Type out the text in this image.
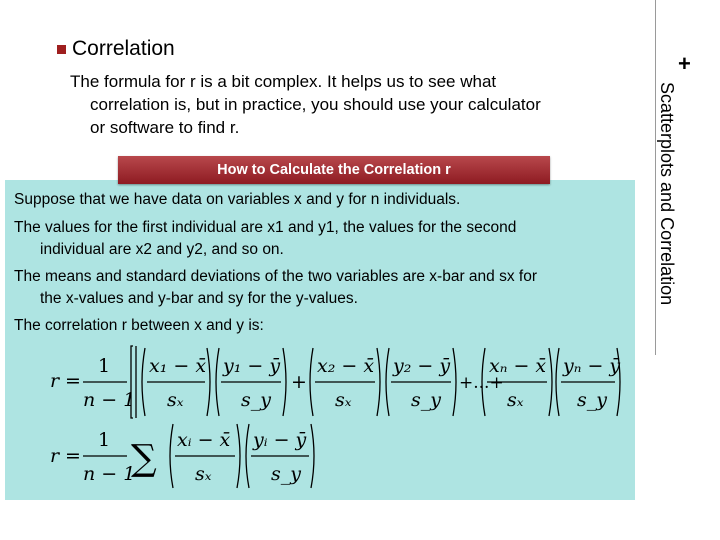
Correlation
The formula for r is a bit complex. It helps us to see what
correlation is, but in practice, you should use your calculator
or software to find r.	Scatterplots and Correlation
+
How to Calculate the Correlation r

Suppose that we have data on variables x and y for n individuals.

The values for the first individual are x1 and y1, the values for the second
individual are x2 and y2, and so on.

The means and standard deviations of the two variables are x-bar and sx for
the x-values and y-bar and sy for the y-values.

The correlation r between x and y is:

r =
1
n − 1
x₁ − x̄
sₓ
y₁ − ȳ
s_y
+
x₂ − x̄
sₓ
y₂ − ȳ
s_y
+...+
xₙ − x̄
sₓ
yₙ − ȳ
s_y
r =
1
n − 1
∑ xᵢ − x̄
sₓ
yᵢ − ȳ
s_y
